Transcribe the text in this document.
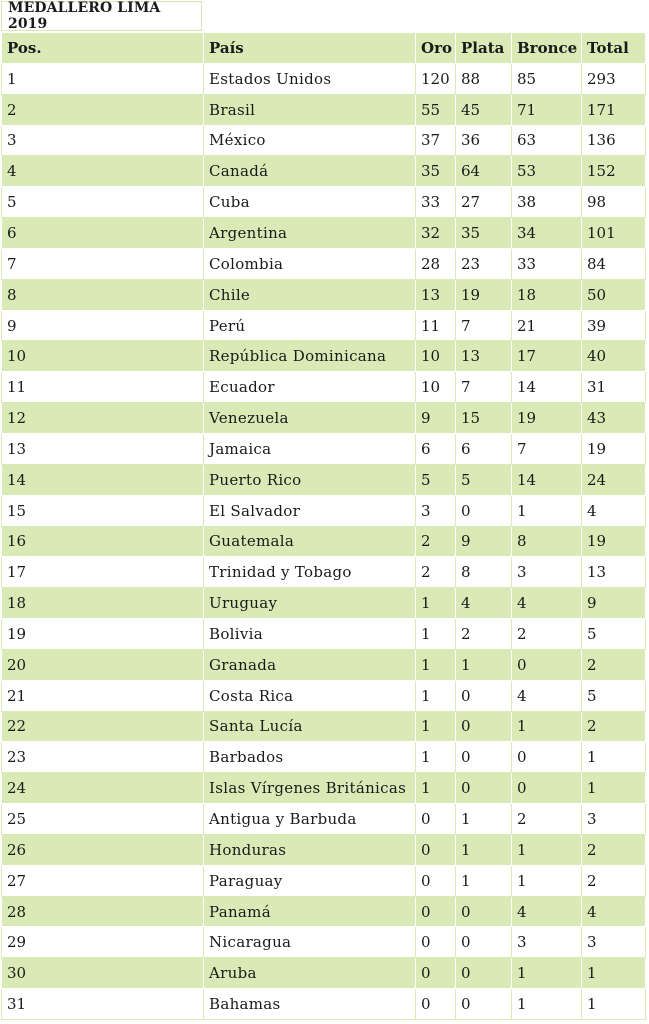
MEDALLERO LIMA 2019
Pos.	País	Oro	Plata	Bronce	Total
1	Estados Unidos	120	88	85	293
2	Brasil	55	45	71	171
3	México	37	36	63	136
4	Canadá	35	64	53	152
5	Cuba	33	27	38	98
6	Argentina	32	35	34	101
7	Colombia	28	23	33	84
8	Chile	13	19	18	50
9	Perú	11	7	21	39
10	República Dominicana	10	13	17	40
11	Ecuador	10	7	14	31
12	Venezuela	9	15	19	43
13	Jamaica	6	6	7	19
14	Puerto Rico	5	5	14	24
15	El Salvador	3	0	1	4
16	Guatemala	2	9	8	19
17	Trinidad y Tobago	2	8	3	13
18	Uruguay	1	4	4	9
19	Bolivia	1	2	2	5
20	Granada	1	1	0	2
21	Costa Rica	1	0	4	5
22	Santa Lucía	1	0	1	2
23	Barbados	1	0	0	1
24	Islas Vírgenes Británicas	1	0	0	1
25	Antigua y Barbuda	0	1	2	3
26	Honduras	0	1	1	2
27	Paraguay	0	1	1	2
28	Panamá	0	0	4	4
29	Nicaragua	0	0	3	3
30	Aruba	0	0	1	1
31	Bahamas	0	0	1	1
